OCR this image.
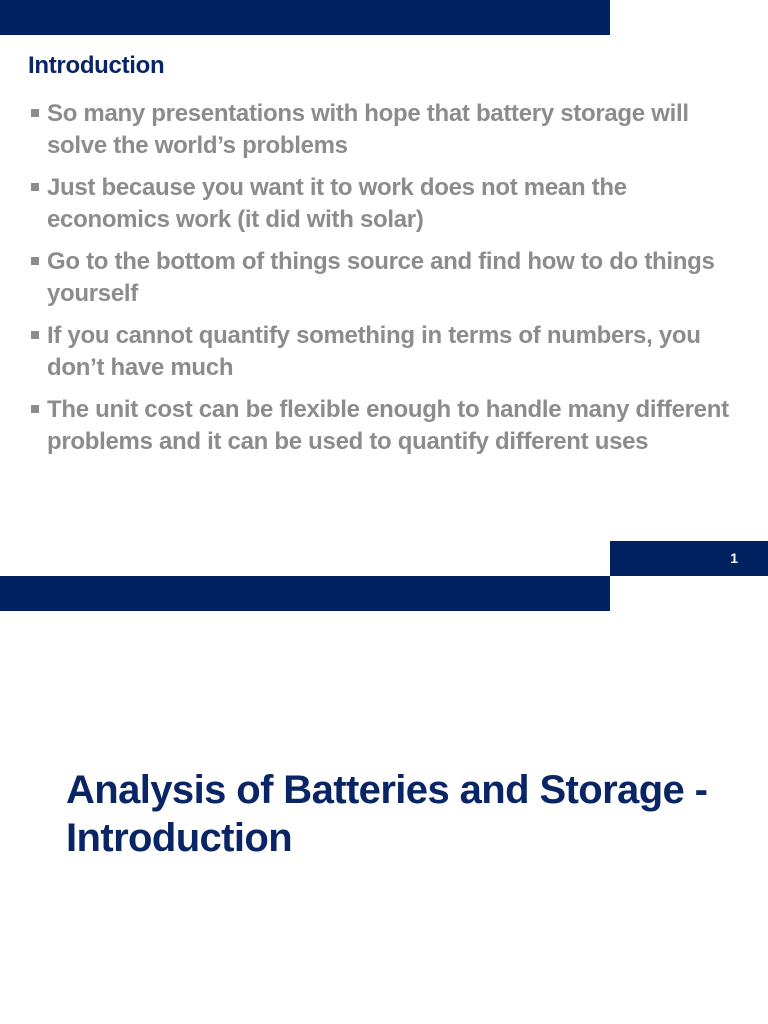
Introduction
So many presentations with hope that battery storage will solve the world’s problems
Just because you want it to work does not mean the economics work (it did with solar)
Go to the bottom of things source and find how to do things yourself
If you cannot quantify something in terms of numbers, you don’t have much
The unit cost can be flexible enough to handle many different problems and it can be used to quantify different uses
1
Analysis of Batteries and Storage - Introduction
